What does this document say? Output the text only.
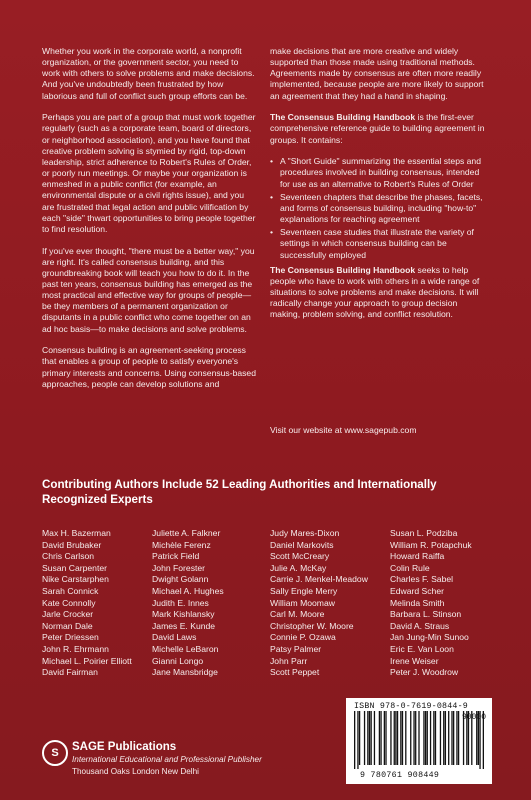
Whether you work in the corporate world, a nonprofit organization, or the government sector, you need to work with others to solve problems and make decisions. And you've undoubtedly been frustrated by how laborious and full of conflict such group efforts can be.

Perhaps you are part of a group that must work together regularly (such as a corporate team, board of directors, or neighborhood association), and you have found that creative problem solving is stymied by rigid, top-down leadership, strict adherence to Robert's Rules of Order, or poorly run meetings. Or maybe your organization is enmeshed in a public conflict (for example, an environmental dispute or a civil rights issue), and you are frustrated that legal action and public vilification by each "side" thwart opportunities to bring people together to find resolution.

If you've ever thought, "there must be a better way," you are right. It's called consensus building, and this groundbreaking book will teach you how to do it. In the past ten years, consensus building has emerged as the most practical and effective way for groups of people—be they members of a permanent organization or disputants in a public conflict who come together on an ad hoc basis—to make decisions and solve problems.

Consensus building is an agreement-seeking process that enables a group of people to satisfy everyone's primary interests and concerns. Using consensus-based approaches, people can develop solutions and

make decisions that are more creative and widely supported than those made using traditional methods. Agreements made by consensus are often more readily implemented, because people are more likely to support an agreement that they had a hand in shaping.

The Consensus Building Handbook is the first-ever comprehensive reference guide to building agreement in groups. It contains:

• A "Short Guide" summarizing the essential steps and procedures involved in building consensus, intended for use as an alternative to Robert's Rules of Order
• Seventeen chapters that describe the phases, facets, and forms of consensus building, including "how-to" explanations for reaching agreement
• Seventeen case studies that illustrate the variety of settings in which consensus building can be successfully employed

The Consensus Building Handbook seeks to help people who have to work with others in a wide range of situations to solve problems and make decisions. It will radically change your approach to group decision making, problem solving, and conflict resolution.

Visit our website at www.sagepub.com
Contributing Authors Include 52 Leading Authorities and Internationally Recognized Experts
Max H. Bazerman
David Brubaker
Chris Carlson
Susan Carpenter
Nike Carstarphen
Sarah Connick
Kate Connolly
Jarle Crocker
Norman Dale
Peter Driessen
John R. Ehrmann
Michael L. Poirier Elliott
David Fairman
Juliette A. Falkner
Michèle Ferenz
Patrick Field
John Forester
Dwight Golann
Michael A. Hughes
Judith E. Innes
Mark Kishlansky
James E. Kunde
David Laws
Michelle LeBaron
Gianni Longo
Jane Mansbridge
Judy Mares-Dixon
Daniel Markovits
Scott McCreary
Julie A. McKay
Carrie J. Menkel-Meadow
Sally Engle Merry
William Moomaw
Carl M. Moore
Christopher W. Moore
Connie P. Ozawa
Patsy Palmer
John Parr
Scott Peppet
Susan L. Podziba
William R. Potapchuk
Howard Raiffa
Colin Rule
Charles F. Sabel
Edward Scher
Melinda Smith
Barbara L. Stinson
David A. Straus
Jan Jung-Min Sunoo
Eric E. Van Loon
Irene Weiser
Peter J. Woodrow
S	SAGE Publications
International Educational and Professional Publisher
Thousand Oaks London New Delhi
ISBN 978-0-7619-0844-9
90000
9 780761 908449
